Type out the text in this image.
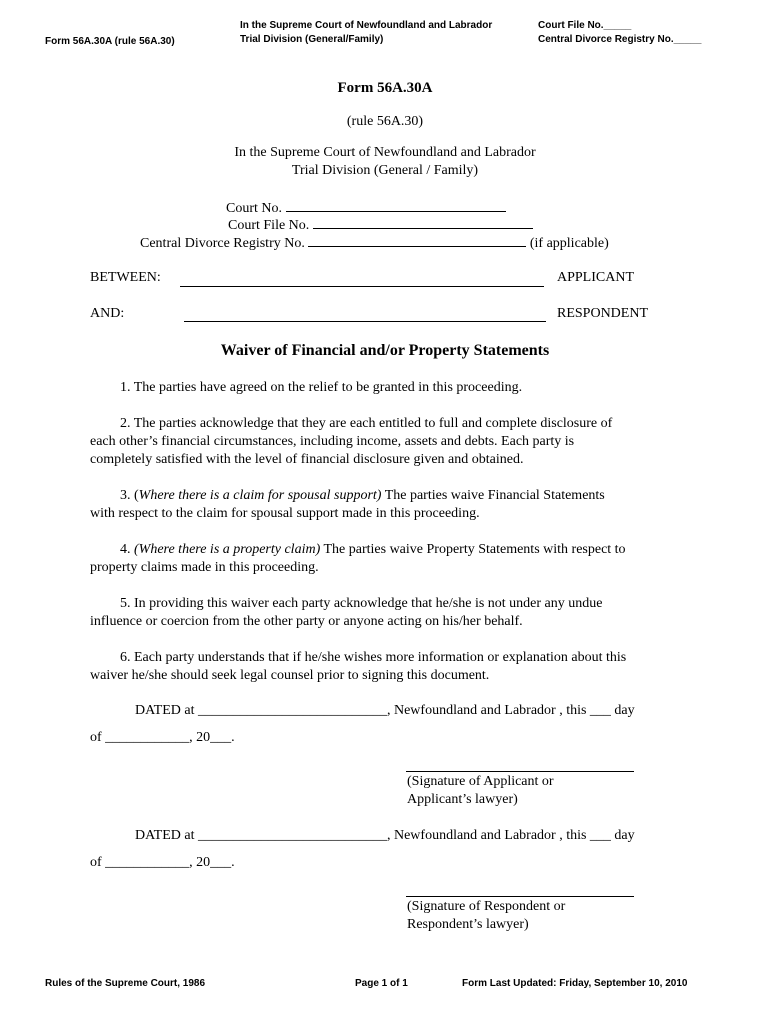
Form 56A.30A (rule 56A.30)
In the Supreme Court of Newfoundland and Labrador
Trial Division (General/Family)
Court File No._____
Central Divorce Registry No._____
Form 56A.30A
(rule 56A.30)
In the Supreme Court of Newfoundland and Labrador
Trial Division (General / Family)
Court No.
Court File No.
Central Divorce Registry No.	(if applicable)
BETWEEN:	APPLICANT
AND:	RESPONDENT
Waiver of Financial and/or Property Statements

1. The parties have agreed on the relief to be granted in this proceeding.

2. The parties acknowledge that they are each entitled to full and complete disclosure of

each other’s financial circumstances, including income, assets and debts. Each party is

completely satisfied with the level of financial disclosure given and obtained.

3. (Where there is a claim for spousal support) The parties waive Financial Statements

with respect to the claim for spousal support made in this proceeding.

4. (Where there is a property claim) The parties waive Property Statements with respect to

property claims made in this proceeding.

5. In providing this waiver each party acknowledge that he/she is not under any undue

influence or coercion from the other party or anyone acting on his/her behalf.

6. Each party understands that if he/she wishes more information or explanation about this

waiver he/she should seek legal counsel prior to signing this document.

DATED at ___________________________, Newfoundland and Labrador , this ___ day
of ____________, 20___.
(Signature of Applicant or
Applicant’s lawyer)
DATED at ___________________________, Newfoundland and Labrador , this ___ day
of ____________, 20___.
(Signature of Respondent or
Respondent’s lawyer)
Rules of the Supreme Court, 1986	Page 1 of 1	Form Last Updated: Friday, September 10, 2010
